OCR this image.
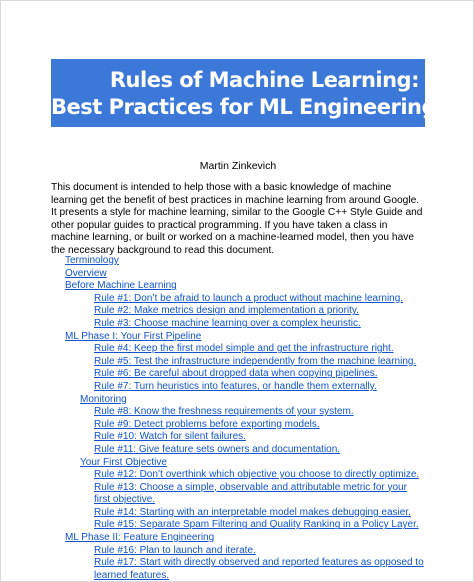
Rules of Machine Learning:
Best Practices for ML Engineering
Martin Zinkevich
This document is intended to help those with a basic knowledge of machine learning get the benefit of best practices in machine learning from around Google. It presents a style for machine learning, similar to the Google C++ Style Guide and other popular guides to practical programming. If you have taken a class in machine learning, or built or worked on a machine-learned model, then you have the necessary background to read this document.
Terminology
Overview
Before Machine Learning
Rule #1: Don’t be afraid to launch a product without machine learning.
Rule #2: Make metrics design and implementation a priority.
Rule #3: Choose machine learning over a complex heuristic.
ML Phase I: Your First Pipeline
Rule #4: Keep the first model simple and get the infrastructure right.
Rule #5: Test the infrastructure independently from the machine learning.
Rule #6: Be careful about dropped data when copying pipelines.
Rule #7: Turn heuristics into features, or handle them externally.
Monitoring
Rule #8: Know the freshness requirements of your system.
Rule #9: Detect problems before exporting models.
Rule #10: Watch for silent failures.
Rule #11: Give feature sets owners and documentation.
Your First Objective
Rule #12: Don’t overthink which objective you choose to directly optimize.
Rule #13: Choose a simple, observable and attributable metric for your first objective.
Rule #14: Starting with an interpretable model makes debugging easier.
Rule #15: Separate Spam Filtering and Quality Ranking in a Policy Layer.
ML Phase II: Feature Engineering
Rule #16: Plan to launch and iterate.
Rule #17: Start with directly observed and reported features as opposed to learned features.
